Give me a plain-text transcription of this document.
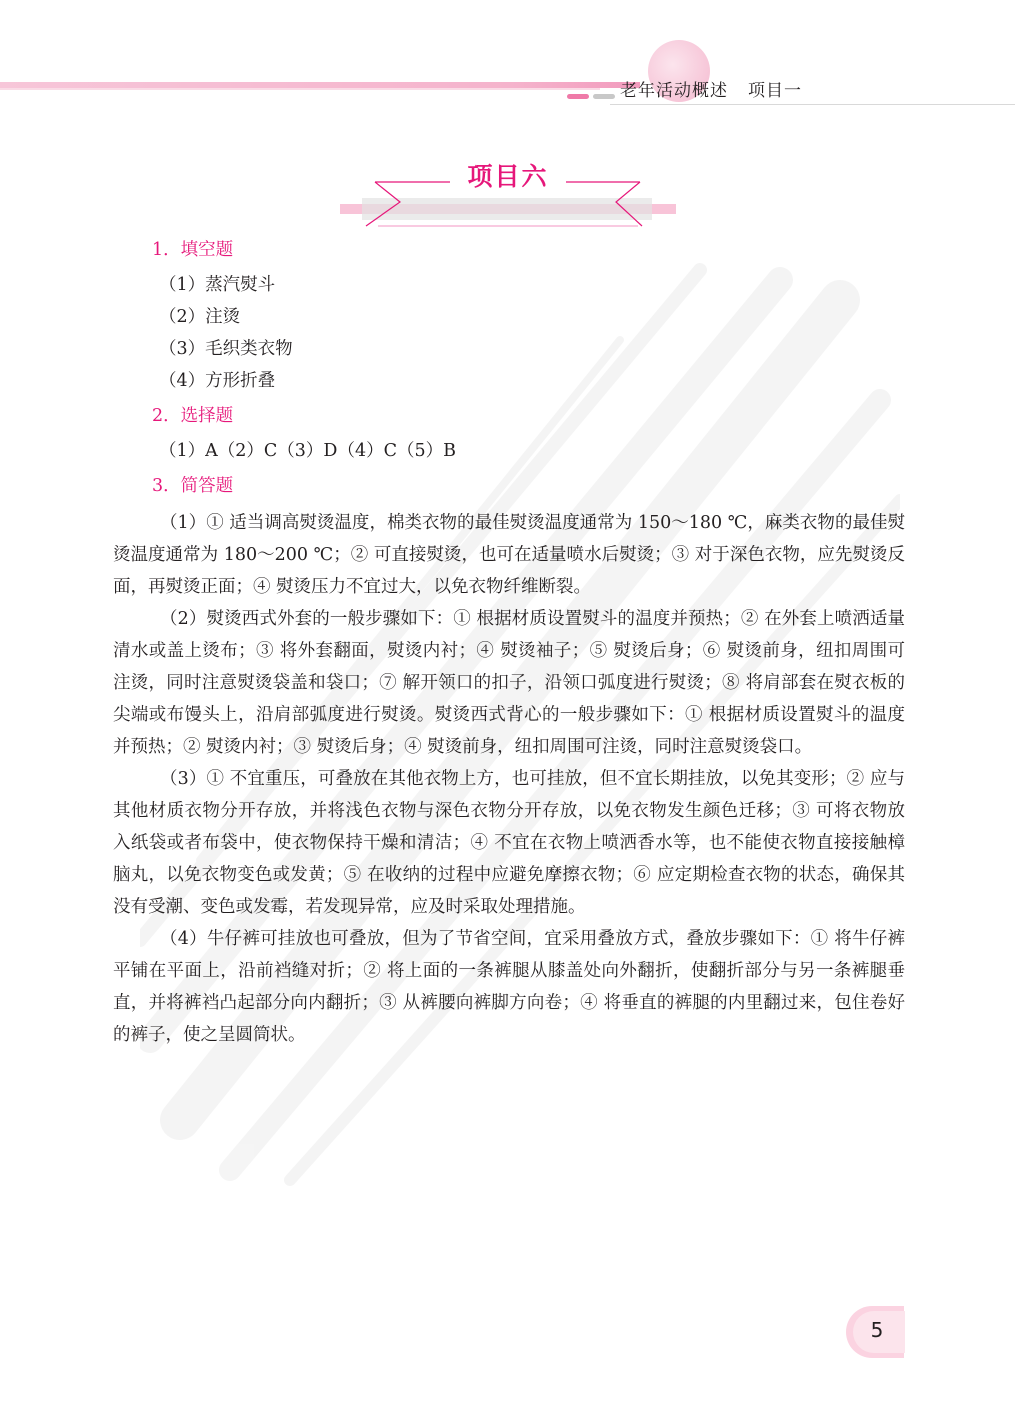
老年活动概述 项目一
项目六
1．填空题
（1）蒸汽熨斗
（2）注烫
（3）毛织类衣物
（4）方形折叠
2．选择题
（1）A（2）C（3）D（4）C（5）B
3．简答题

（1）① 适当调高熨烫温度，棉类衣物的最佳熨烫温度通常为 150～180 ℃，麻类衣物的最佳熨烫温度通常为 180～200 ℃；② 可直接熨烫，也可在适量喷水后熨烫；③ 对于深色衣物，应先熨烫反面，再熨烫正面；④ 熨烫压力不宜过大，以免衣物纤维断裂。

（2）熨烫西式外套的一般步骤如下：① 根据材质设置熨斗的温度并预热；② 在外套上喷洒适量清水或盖上烫布；③ 将外套翻面，熨烫内衬；④ 熨烫袖子；⑤ 熨烫后身；⑥ 熨烫前身，纽扣周围可注烫，同时注意熨烫袋盖和袋口；⑦ 解开领口的扣子，沿领口弧度进行熨烫；⑧ 将肩部套在熨衣板的尖端或布馒头上，沿肩部弧度进行熨烫。熨烫西式背心的一般步骤如下：① 根据材质设置熨斗的温度并预热；② 熨烫内衬；③ 熨烫后身；④ 熨烫前身，纽扣周围可注烫，同时注意熨烫袋口。

（3）① 不宜重压，可叠放在其他衣物上方，也可挂放，但不宜长期挂放，以免其变形；② 应与其他材质衣物分开存放，并将浅色衣物与深色衣物分开存放，以免衣物发生颜色迁移；③ 可将衣物放入纸袋或者布袋中，使衣物保持干燥和清洁；④ 不宜在衣物上喷洒香水等，也不能使衣物直接接触樟脑丸，以免衣物变色或发黄；⑤ 在收纳的过程中应避免摩擦衣物；⑥ 应定期检查衣物的状态，确保其没有受潮、变色或发霉，若发现异常，应及时采取处理措施。

（4）牛仔裤可挂放也可叠放，但为了节省空间，宜采用叠放方式，叠放步骤如下：① 将牛仔裤平铺在平面上，沿前裆缝对折；② 将上面的一条裤腿从膝盖处向外翻折，使翻折部分与另一条裤腿垂直，并将裤裆凸起部分向内翻折；③ 从裤腰向裤脚方向卷；④ 将垂直的裤腿的内里翻过来，包住卷好的裤子，使之呈圆筒状。

5
